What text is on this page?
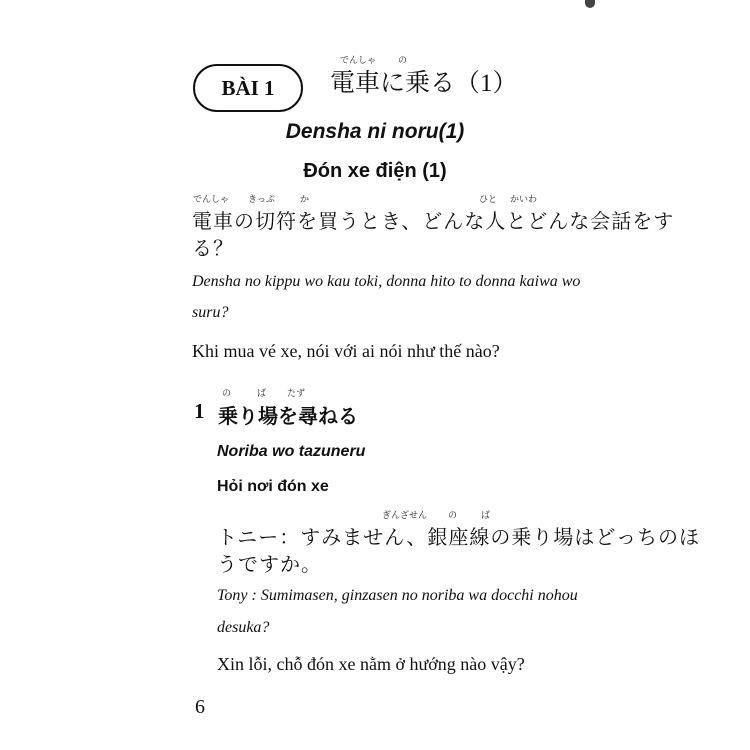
BÀI 1
でんしゃ の
電車に乗る（1）
Densha ni noru(1)
Đón xe điện (1)
でんしゃ きっぷ	か	ひと かいわ
電車の切符を買うとき、どんな人とどんな会話をす
る？
Densha no kippu wo kau toki, donna hito to donna kaiwa wo
suru?
Khi mua vé xe, nói với ai nói như thế nào?
の	ば たず
1 乗り場を尋ねる
Noriba wo tazuneru
Hỏi nơi đón xe
ぎんざせん の	ば
トニー：すみません、銀座線の乗り場はどっちのほ
うですか。
Tony : Sumimasen, ginzasen no noriba wa docchi nohou
desuka?
Xin lỗi, chỗ đón xe nằm ở hướng nào vậy?
6
